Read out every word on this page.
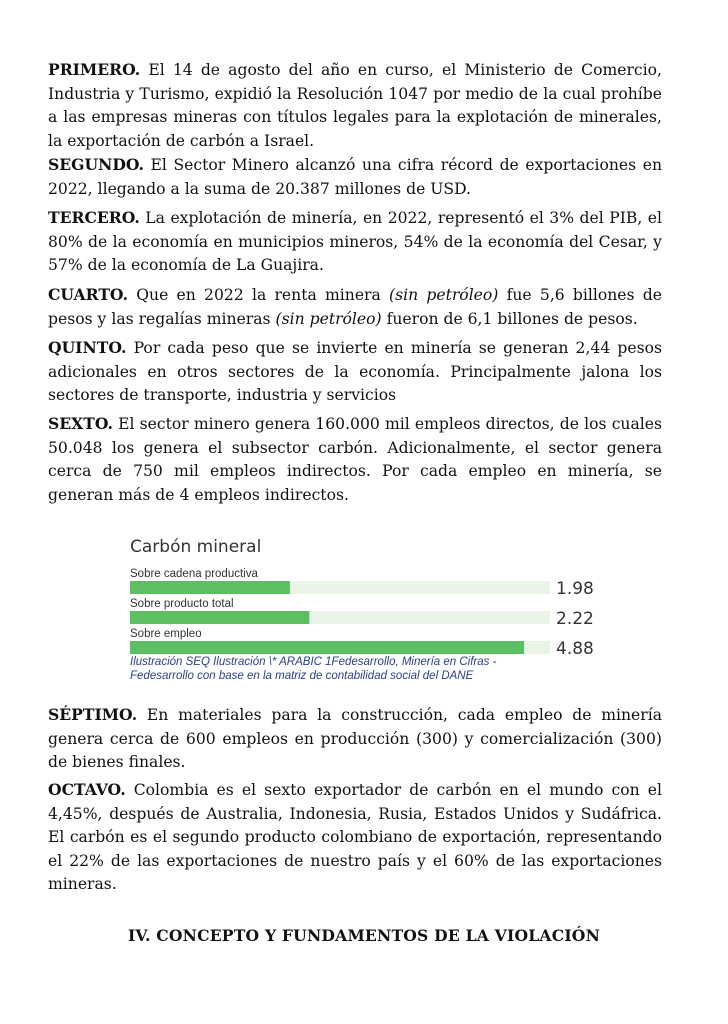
PRIMERO. El 14 de agosto del año en curso, el Ministerio de Comercio, Industria y Turismo, expidió la Resolución 1047 por medio de la cual prohíbe a las empresas mineras con títulos legales para la explotación de minerales, la exportación de carbón a Israel.

SEGUNDO. El Sector Minero alcanzó una cifra récord de exportaciones en 2022, llegando a la suma de 20.387 millones de USD.

TERCERO. La explotación de minería, en 2022, representó el 3% del PIB, el 80% de la economía en municipios mineros, 54% de la economía del Cesar, y 57% de la economía de La Guajira.

CUARTO. Que en 2022 la renta minera (sin petróleo) fue 5,6 billones de pesos y las regalías mineras (sin petróleo) fueron de 6,1 billones de pesos.

QUINTO. Por cada peso que se invierte en minería se generan 2,44 pesos adicionales en otros sectores de la economía. Principalmente jalona los sectores de transporte, industria y servicios

SEXTO. El sector minero genera 160.000 mil empleos directos, de los cuales 50.048 los genera el subsector carbón. Adicionalmente, el sector genera cerca de 750 mil empleos indirectos. Por cada empleo en minería, se generan más de 4 empleos indirectos.

Carbón mineral
Sobre cadena productiva
1.98
Sobre producto total
2.22
Sobre empleo
4.88
Ilustración SEQ Ilustración \* ARABIC 1Fedesarrollo, Minería en Cifras - Fedesarrollo con base en la matriz de contabilidad social del DANE

SÉPTIMO. En materiales para la construcción, cada empleo de minería genera cerca de 600 empleos en producción (300) y comercialización (300) de bienes finales.

OCTAVO. Colombia es el sexto exportador de carbón en el mundo con el 4,45%, después de Australia, Indonesia, Rusia, Estados Unidos y Sudáfrica. El carbón es el segundo producto colombiano de exportación, representando el 22% de las exportaciones de nuestro país y el 60% de las exportaciones mineras.

IV. CONCEPTO Y FUNDAMENTOS DE LA VIOLACIÓN
